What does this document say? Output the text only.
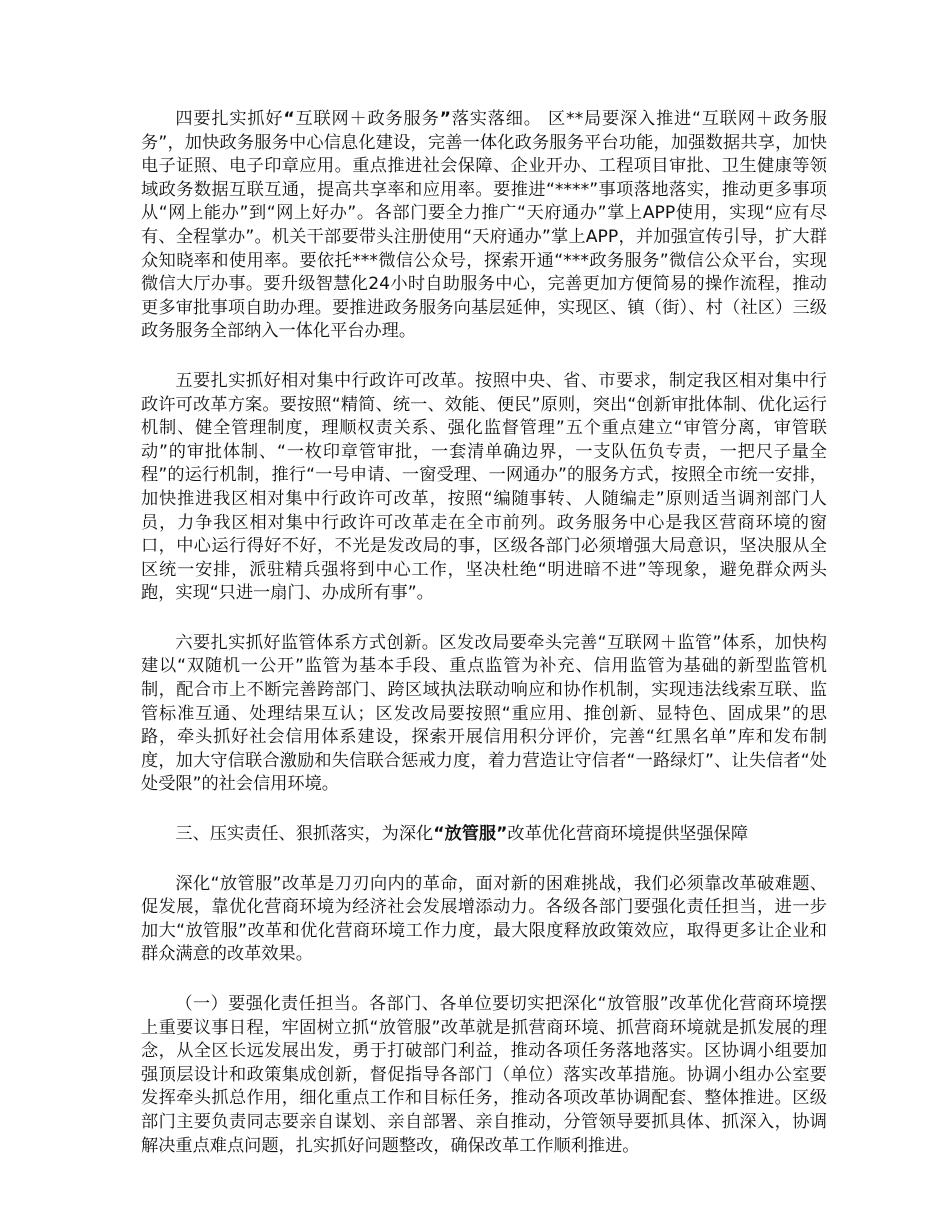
四要扎实抓好“互联网＋政务服务”落实落细。 区**局要深入推进“互联网＋政务服务”，加快政务服务中心信息化建设，完善一体化政务服务平台功能，加强数据共享，加快电子证照、电子印章应用。重点推进社会保障、企业开办、工程项目审批、卫生健康等领域政务数据互联互通，提高共享率和应用率。要推进“****”事项落地落实，推动更多事项从“网上能办”到“网上好办”。各部门要全力推广“天府通办”掌上APP使用，实现“应有尽有、全程掌办”。机关干部要带头注册使用“天府通办”掌上APP，并加强宣传引导，扩大群众知晓率和使用率。要依托***微信公众号，探索开通“***政务服务”微信公众平台，实现微信大厅办事。要升级智慧化24小时自助服务中心，完善更加方便简易的操作流程，推动更多审批事项自助办理。要推进政务服务向基层延伸，实现区、镇（街）、村（社区）三级政务服务全部纳入一体化平台办理。

五要扎实抓好相对集中行政许可改革。按照中央、省、市要求，制定我区相对集中行政许可改革方案。要按照“精简、统一、效能、便民”原则，突出“创新审批体制、优化运行机制、健全管理制度，理顺权责关系、强化监督管理”五个重点建立“审管分离，审管联动”的审批体制、“一枚印章管审批，一套清单确边界，一支队伍负专责，一把尺子量全程”的运行机制，推行“一号申请、一窗受理、一网通办”的服务方式，按照全市统一安排，加快推进我区相对集中行政许可改革，按照“编随事转、人随编走”原则适当调剂部门人员，力争我区相对集中行政许可改革走在全市前列。政务服务中心是我区营商环境的窗口，中心运行得好不好，不光是发改局的事，区级各部门必须增强大局意识，坚决服从全区统一安排，派驻精兵强将到中心工作，坚决杜绝“明进暗不进”等现象，避免群众两头跑，实现“只进一扇门、办成所有事”。

六要扎实抓好监管体系方式创新。区发改局要牵头完善“互联网＋监管”体系，加快构建以“双随机一公开”监管为基本手段、重点监管为补充、信用监管为基础的新型监管机制，配合市上不断完善跨部门、跨区域执法联动响应和协作机制，实现违法线索互联、监管标准互通、处理结果互认；区发改局要按照“重应用、推创新、显特色、固成果”的思路，牵头抓好社会信用体系建设，探索开展信用积分评价，完善“红黑名单”库和发布制度，加大守信联合激励和失信联合惩戒力度，着力营造让守信者“一路绿灯”、让失信者“处处受限”的社会信用环境。

三、压实责任、狠抓落实，为深化“放管服”改革优化营商环境提供坚强保障

深化“放管服”改革是刀刃向内的革命，面对新的困难挑战，我们必须靠改革破难题、促发展，靠优化营商环境为经济社会发展增添动力。各级各部门要强化责任担当，进一步加大“放管服”改革和优化营商环境工作力度，最大限度释放政策效应，取得更多让企业和群众满意的改革效果。

（一）要强化责任担当。各部门、各单位要切实把深化“放管服”改革优化营商环境摆上重要议事日程，牢固树立抓“放管服”改革就是抓营商环境、抓营商环境就是抓发展的理念，从全区长远发展出发，勇于打破部门利益，推动各项任务落地落实。区协调小组要加强顶层设计和政策集成创新，督促指导各部门（单位）落实改革措施。协调小组办公室要发挥牵头抓总作用，细化重点工作和目标任务，推动各项改革协调配套、整体推进。区级部门主要负责同志要亲自谋划、亲自部署、亲自推动，分管领导要抓具体、抓深入，协调解决重点难点问题，扎实抓好问题整改，确保改革工作顺利推进。
